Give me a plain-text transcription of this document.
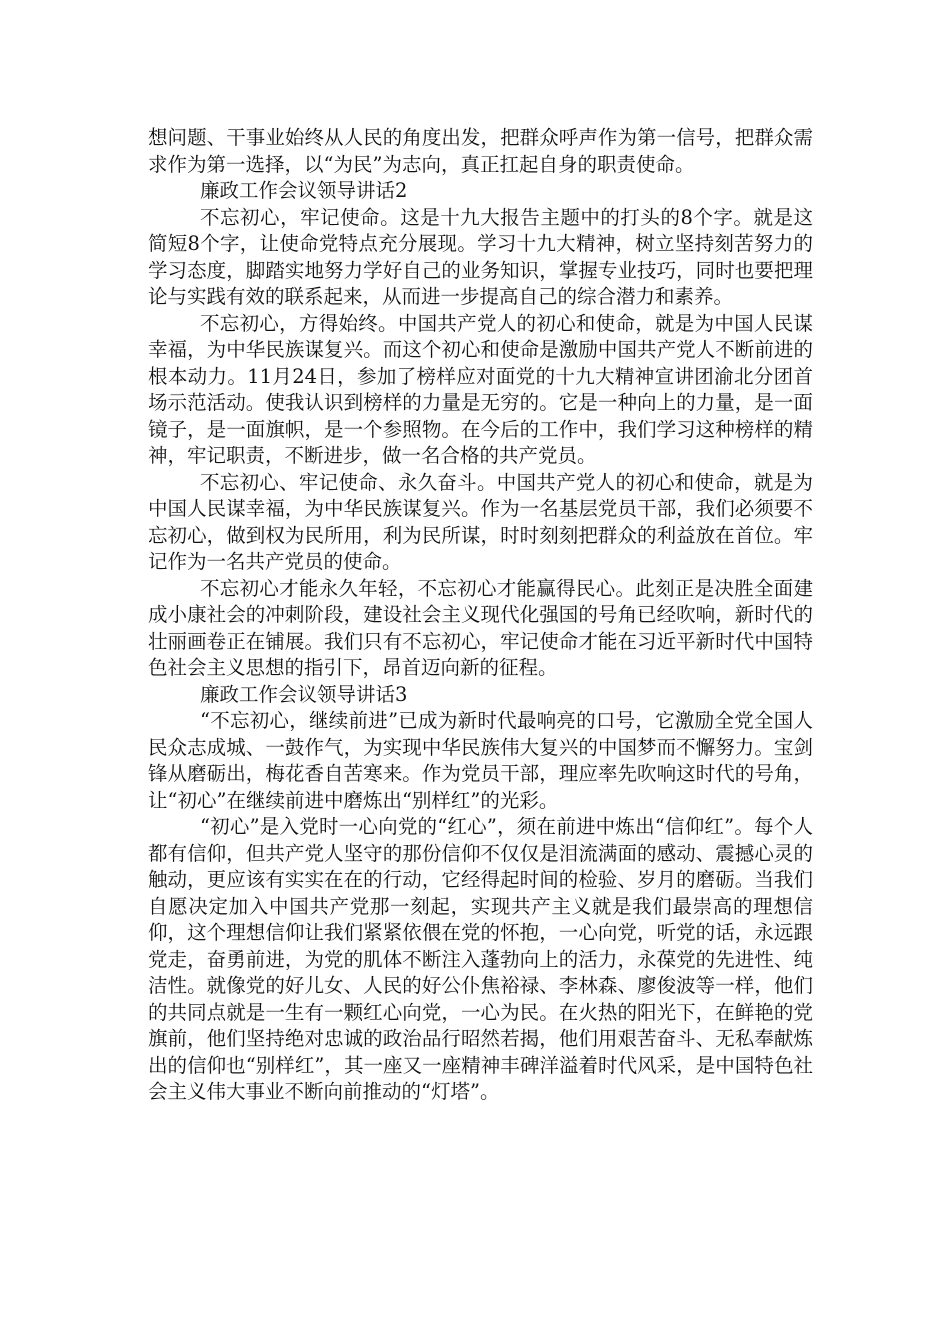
想问题、干事业始终从人民的角度出发，把群众呼声作为第一信号，把群众需求作为第一选择，以“为民”为志向，真正扛起自身的职责使命。

廉政工作会议领导讲话2

不忘初心，牢记使命。这是十九大报告主题中的打头的8个字。就是这简短8个字，让使命党特点充分展现。学习十九大精神，树立坚持刻苦努力的学习态度，脚踏实地努力学好自己的业务知识，掌握专业技巧，同时也要把理论与实践有效的联系起来，从而进一步提高自己的综合潜力和素养。

不忘初心，方得始终。中国共产党人的初心和使命，就是为中国人民谋幸福，为中华民族谋复兴。而这个初心和使命是激励中国共产党人不断前进的根本动力。11月24日，参加了榜样应对面党的十九大精神宣讲团渝北分团首场示范活动。使我认识到榜样的力量是无穷的。它是一种向上的力量，是一面镜子，是一面旗帜，是一个参照物。在今后的工作中，我们学习这种榜样的精神，牢记职责，不断进步，做一名合格的共产党员。

不忘初心、牢记使命、永久奋斗。中国共产党人的初心和使命，就是为中国人民谋幸福，为中华民族谋复兴。作为一名基层党员干部，我们必须要不忘初心，做到权为民所用，利为民所谋，时时刻刻把群众的利益放在首位。牢记作为一名共产党员的使命。

不忘初心才能永久年轻，不忘初心才能赢得民心。此刻正是决胜全面建成小康社会的冲刺阶段，建设社会主义现代化强国的号角已经吹响，新时代的壮丽画卷正在铺展。我们只有不忘初心，牢记使命才能在习近平新时代中国特色社会主义思想的指引下，昂首迈向新的征程。

廉政工作会议领导讲话3

“不忘初心，继续前进”已成为新时代最响亮的口号，它激励全党全国人民众志成城、一鼓作气，为实现中华民族伟大复兴的中国梦而不懈努力。宝剑锋从磨砺出，梅花香自苦寒来。作为党员干部，理应率先吹响这时代的号角，让“初心”在继续前进中磨炼出“别样红”的光彩。

“初心”是入党时一心向党的“红心”，须在前进中炼出“信仰红”。每个人都有信仰，但共产党人坚守的那份信仰不仅仅是泪流满面的感动、震撼心灵的触动，更应该有实实在在的行动，它经得起时间的检验、岁月的磨砺。当我们自愿决定加入中国共产党那一刻起，实现共产主义就是我们最崇高的理想信仰，这个理想信仰让我们紧紧依偎在党的怀抱，一心向党，听党的话，永远跟党走，奋勇前进，为党的肌体不断注入蓬勃向上的活力，永葆党的先进性、纯洁性。就像党的好儿女、人民的好公仆焦裕禄、李林森、廖俊波等一样，他们的共同点就是一生有一颗红心向党，一心为民。在火热的阳光下，在鲜艳的党旗前，他们坚持绝对忠诚的政治品行昭然若揭，他们用艰苦奋斗、无私奉献炼出的信仰也“别样红”，其一座又一座精神丰碑洋溢着时代风采，是中国特色社会主义伟大事业不断向前推动的“灯塔”。
